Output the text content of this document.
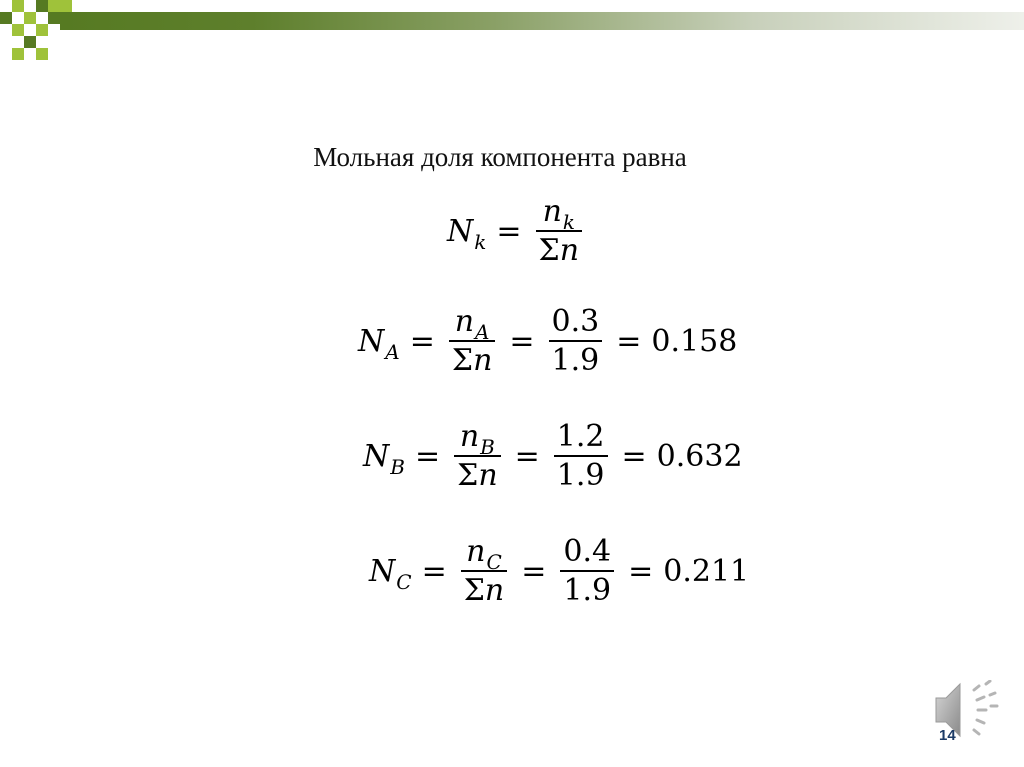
Мольная доля компонента равна
$N_k = \frac{n_k}{\Sigma n}$
$N_A = \frac{n_A}{\Sigma n} = \frac{0.3}{1.9} = 0.158$
$N_B = \frac{n_B}{\Sigma n} = \frac{1.2}{1.9} = 0.632$
$N_C = \frac{n_C}{\Sigma n} = \frac{0.4}{1.9} = 0.211$
14
